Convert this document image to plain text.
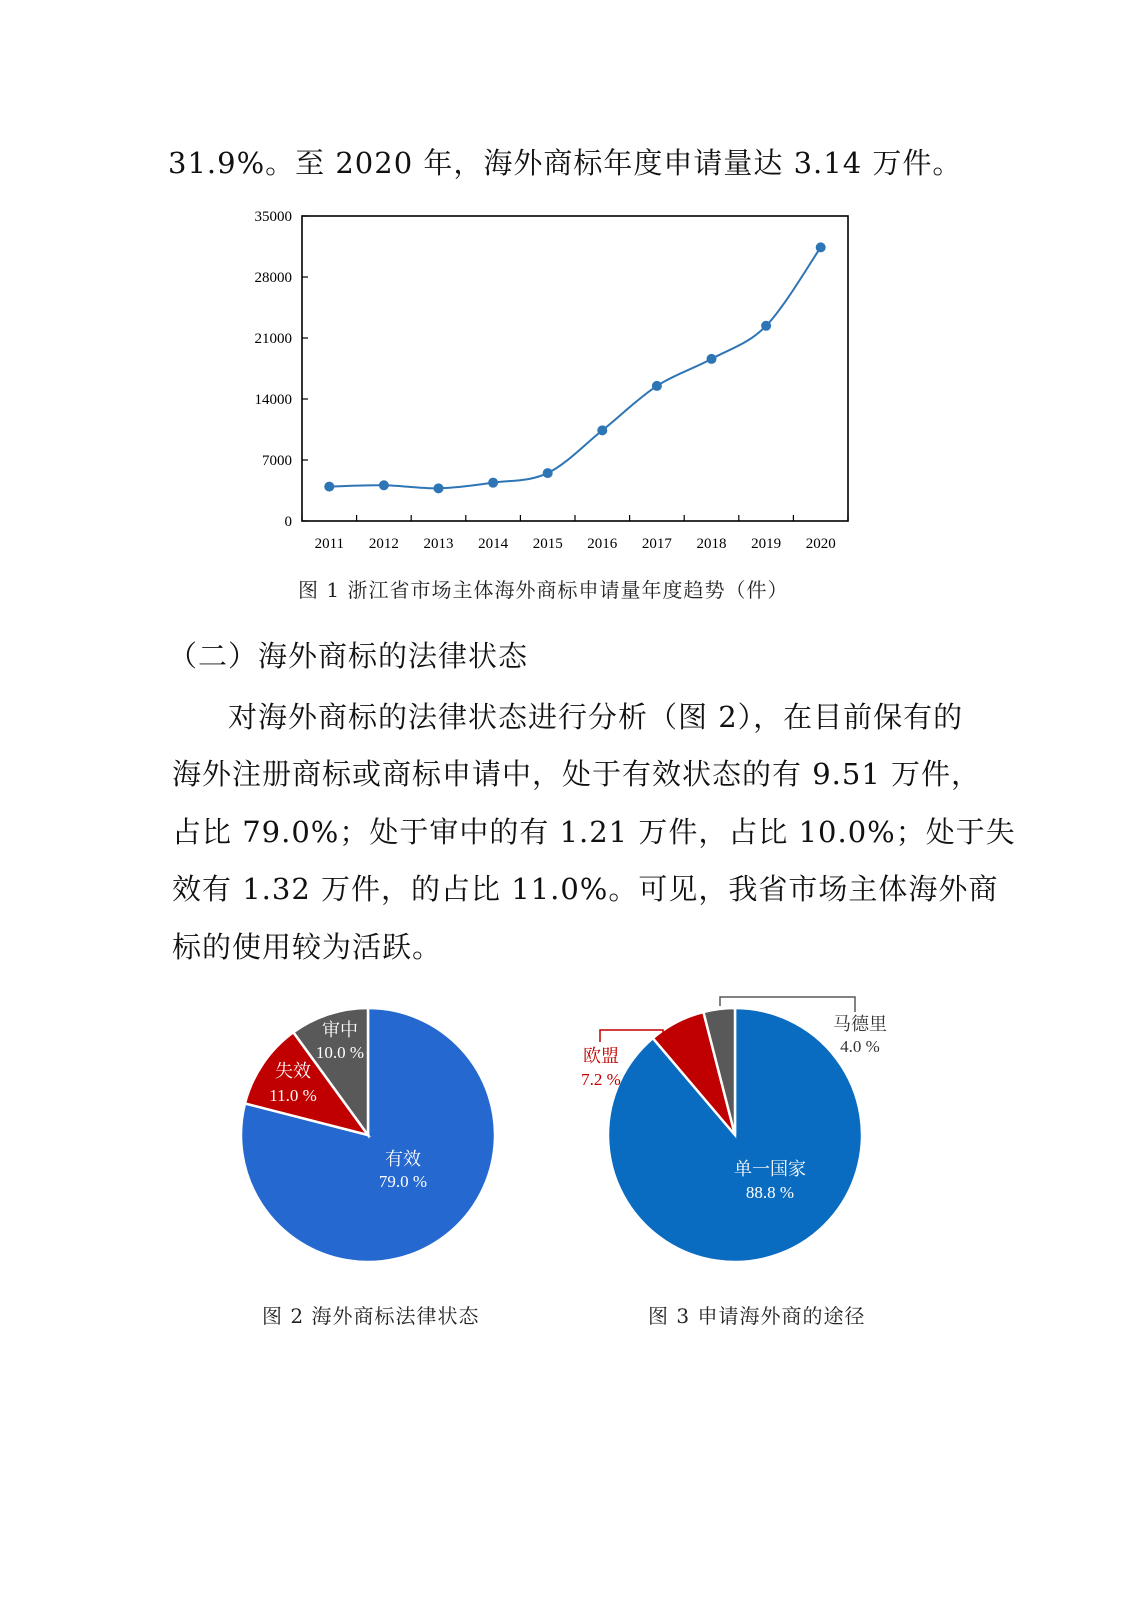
31.9%。至 2020 年，海外商标年度申请量达 3.14 万件。
0
7000
14000
21000
28000
35000
2011 2012 2013 2014 2015 2016 2017 2018 2019 2020
图 1 浙江省市场主体海外商标申请量年度趋势（件）
（二）海外商标的法律状态
对海外商标的法律状态进行分析（图 2），在目前保有的
海外注册商标或商标申请中，处于有效状态的有 9.51 万件，
占比 79.0%；处于审中的有 1.21 万件，占比 10.0%；处于失
效有 1.32 万件，的占比 11.0%。可见，我省市场主体海外商
标的使用较为活跃。
有效
79.0 %
失效
11.0 %
审中
10.0 %
图 2 海外商标法律状态
单一国家
88.8 %
欧盟
7.2 %
马德里
4.0 %
图 3 申请海外商的途径
